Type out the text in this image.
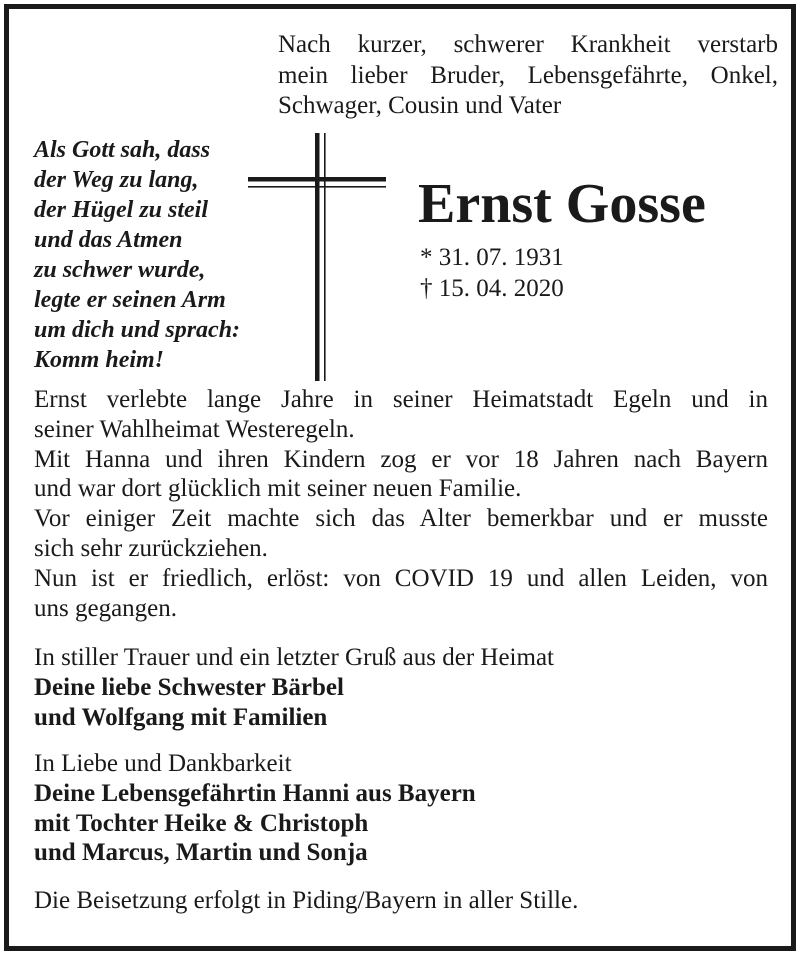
Nach kurzer, schwerer Krankheit verstarb
mein lieber Bruder, Lebensgefährte, Onkel,
Schwager, Cousin und Vater
Als Gott sah, dass
der Weg zu lang,
der Hügel zu steil
und das Atmen
zu schwer wurde,
legte er seinen Arm
um dich und sprach:
Komm heim!
Ernst Gosse
* 31. 07. 1931
† 15. 04. 2020
Ernst verlebte lange Jahre in seiner Heimatstadt Egeln und in
seiner Wahlheimat Westeregeln.
Mit Hanna und ihren Kindern zog er vor 18 Jahren nach Bayern
und war dort glücklich mit seiner neuen Familie.
Vor einiger Zeit machte sich das Alter bemerkbar und er musste
sich sehr zurückziehen.
Nun ist er friedlich, erlöst: von COVID 19 und allen Leiden, von
uns gegangen.
In stiller Trauer und ein letzter Gruß aus der Heimat
Deine liebe Schwester Bärbel
und Wolfgang mit Familien
In Liebe und Dankbarkeit
Deine Lebensgefährtin Hanni aus Bayern
mit Tochter Heike & Christoph
und Marcus, Martin und Sonja
Die Beisetzung erfolgt in Piding/Bayern in aller Stille.
